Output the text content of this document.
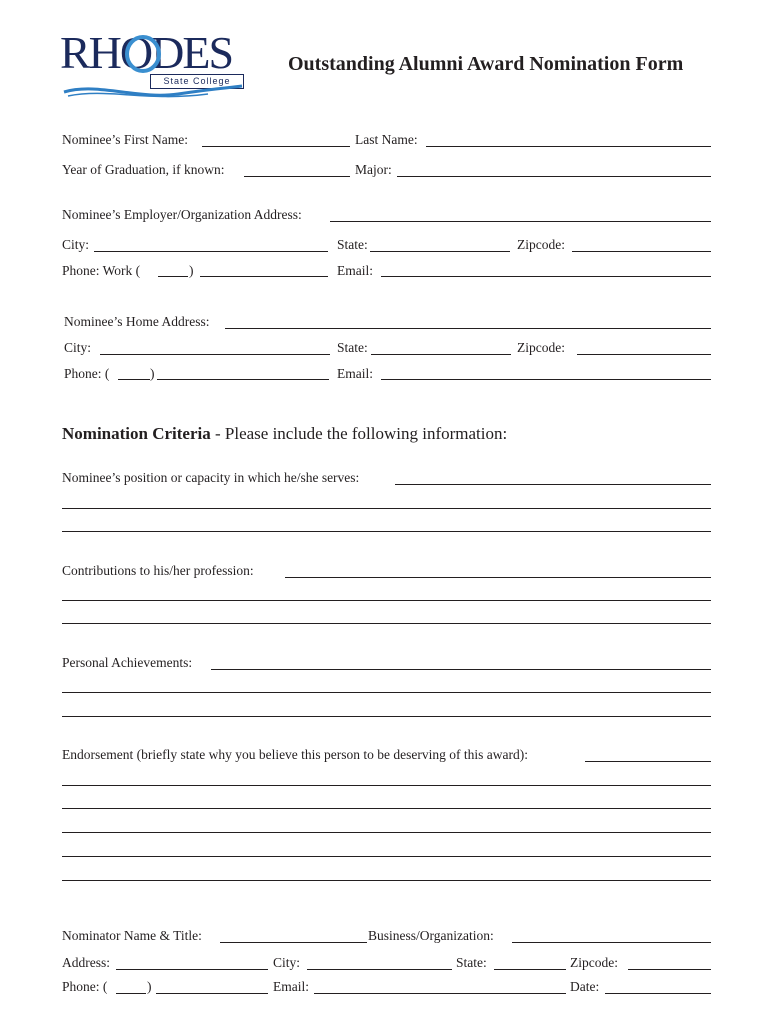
RHODES
State College
Outstanding Alumni Award Nomination Form
Nominee’s First Name:	Last Name:
Year of Graduation, if known:	Major:
Nominee’s Employer/Organization Address:
City:	State:	Zipcode:
Phone: Work (	)	Email:
Nominee’s Home Address:
City:	State:	Zipcode:
Phone: (	)	Email:
Nomination Criteria - Please include the following information:
Nominee’s position or capacity in which he/she serves:
Contributions to his/her profession:
Personal Achievements:
Endorsement (briefly state why you believe this person to be deserving of this award):
Nominator Name & Title:	Business/Organization:
Address:	City:	State:	Zipcode:
Phone: (	)	Email:	Date:
